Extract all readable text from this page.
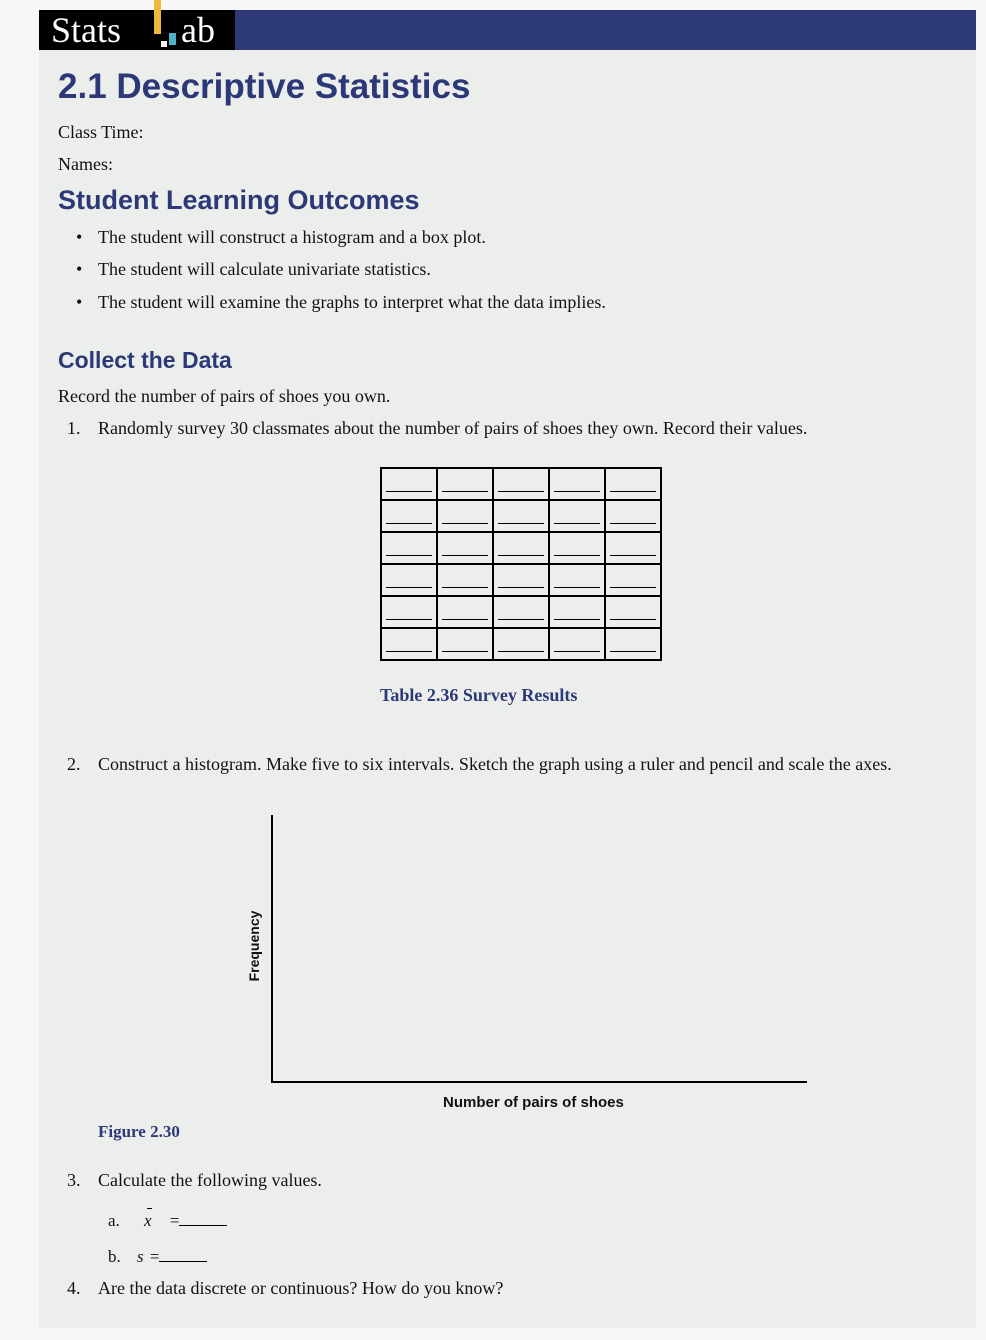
Stats ab
2.1 Descriptive Statistics

Class Time:

Names:

Student Learning Outcomes
• The student will construct a histogram and a box plot.
• The student will calculate univariate statistics.
• The student will examine the graphs to interpret what the data implies.
Collect the Data

Record the number of pairs of shoes you own.

1. Randomly survey 30 classmates about the number of pairs of shoes they own. Record their values.

Table 2.36 Survey Results
2. Construct a histogram. Make five to six intervals. Sketch the graph using a ruler and pencil and scale the axes.
Frequency
Number of pairs of shoes
Figure 2.30
3. Calculate the following values.
a. x =
b. s =
4. Are the data discrete or continuous? How do you know?
